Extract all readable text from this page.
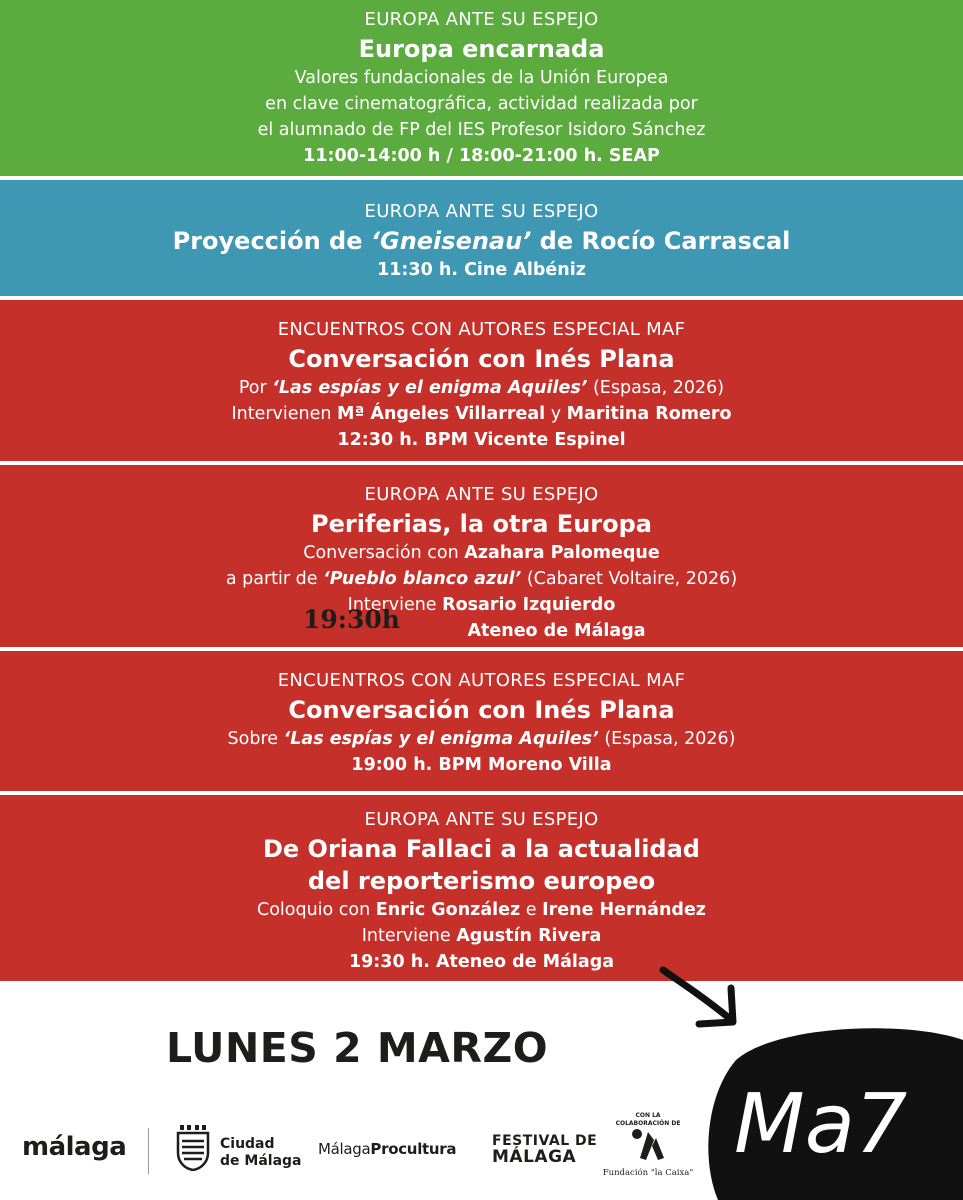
EUROPA ANTE SU ESPEJO
Europa encarnada
Valores fundacionales de la Unión Europea
en clave cinematográfica, actividad realizada por
el alumnado de FP del IES Profesor Isidoro Sánchez
11:00-14:00 h / 18:00-21:00 h. SEAP
EUROPA ANTE SU ESPEJO
Proyección de ‘Gneisenau’ de Rocío Carrascal
11:30 h. Cine Albéniz
ENCUENTROS CON AUTORES ESPECIAL MAF
Conversación con Inés Plana
Por ‘Las espías y el enigma Aquiles’ (Espasa, 2026)
Intervienen Mª Ángeles Villarreal y Maritina Romero
12:30 h. BPM Vicente Espinel
EUROPA ANTE SU ESPEJO
Periferias, la otra Europa
Conversación con Azahara Palomeque
a partir de ‘Pueblo blanco azul’ (Cabaret Voltaire, 2026)
Interviene Rosario Izquierdo
Ateneo de Málaga
19:30h
ENCUENTROS CON AUTORES ESPECIAL MAF
Conversación con Inés Plana
Sobre ‘Las espías y el enigma Aquiles’ (Espasa, 2026)
19:00 h. BPM Moreno Villa
EUROPA ANTE SU ESPEJO
De Oriana Fallaci a la actualidad
del reporterismo europeo
Coloquio con Enric González e Irene Hernández
Interviene Agustín Rivera
19:30 h. Ateneo de Málaga
LUNES 2 MARZO
Ma7
málaga	Ciudad
de Málaga
MálagaProcultura	FESTIVAL DE
MÁLAGA
CON LA
COLABORACIÓN DE
Fundación "la Caixa"
